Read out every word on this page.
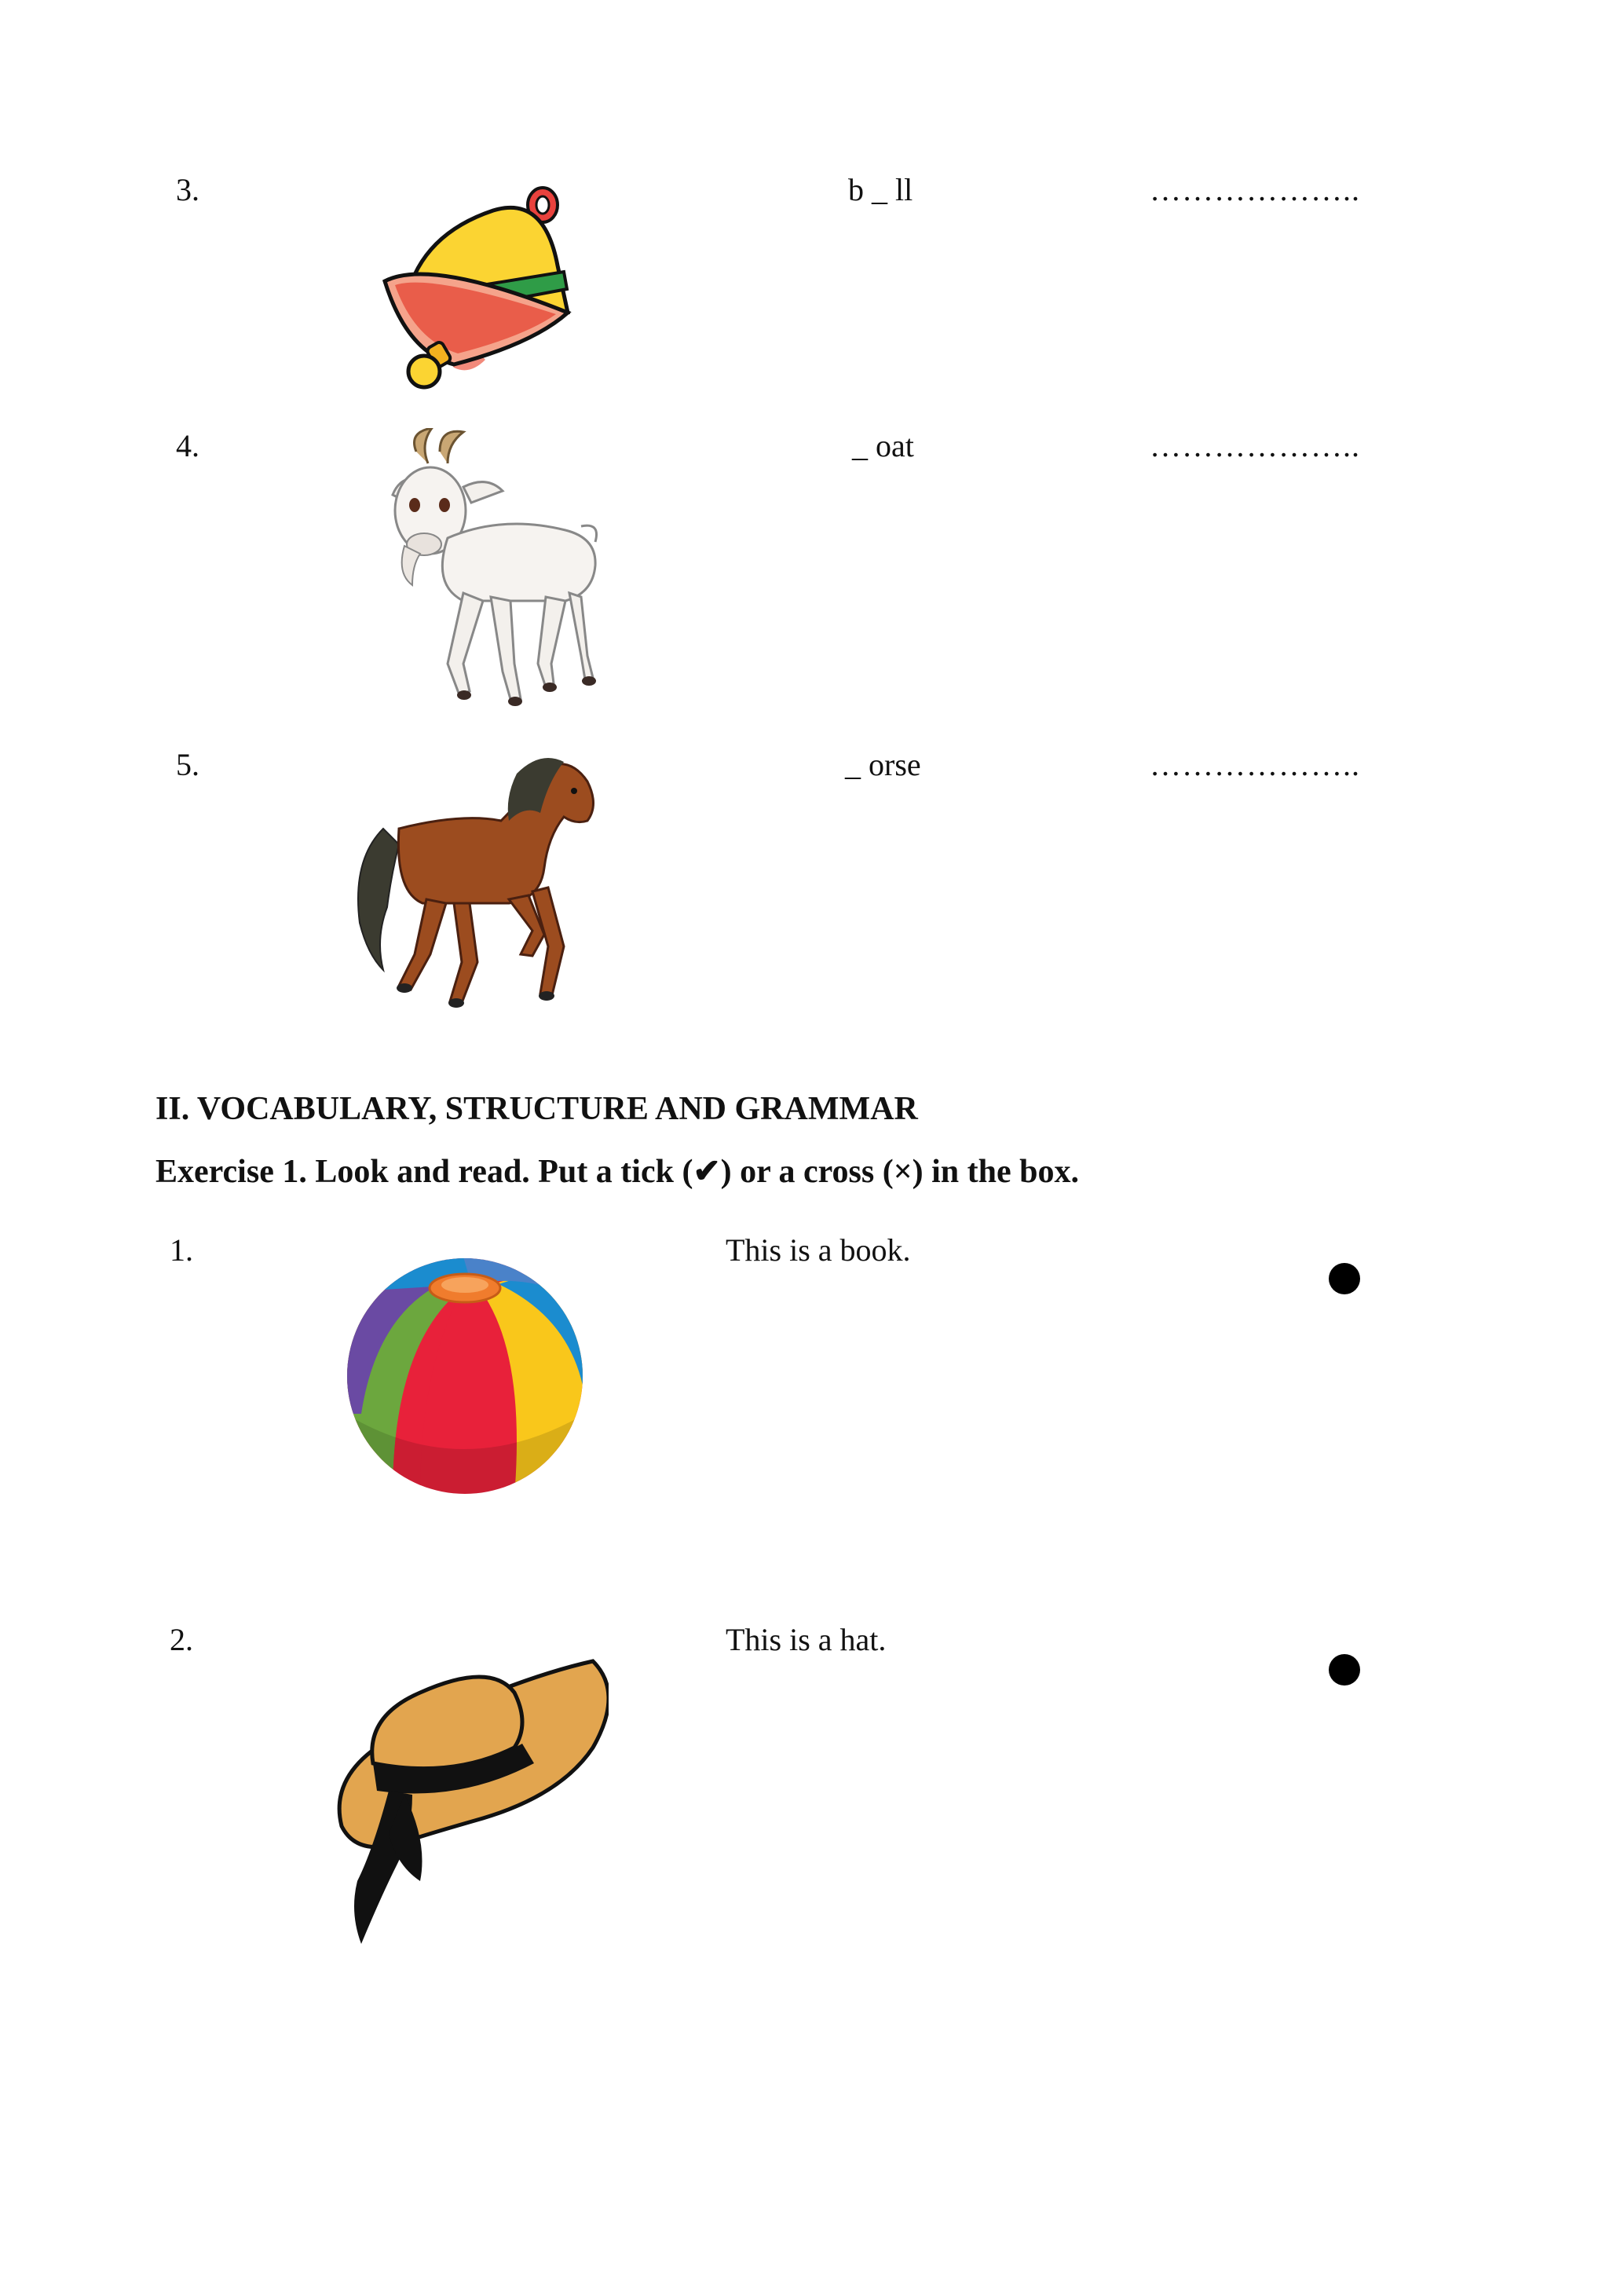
3.	b _ ll	………………..
4.	_ oat	………………..
5.	_ orse	………………..
II. VOCABULARY, STRUCTURE AND GRAMMAR
Exercise 1. Look and read. Put a tick (✔) or a cross (×) in the box.
1.	This is a book.
2.	This is a hat.
